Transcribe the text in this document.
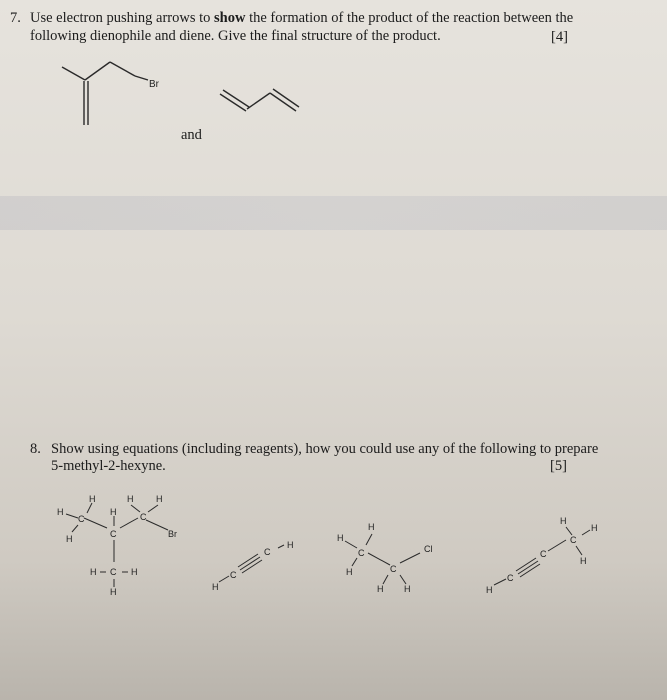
7. Use electron pushing arrows to show the formation of the product of the reaction between the
following dienophile and diene. Give the final structure of the product.	[4]
and
8. Show using equations (including reagents), how you could use any of the following to prepare
5-methyl-2-hexyne.	[5]
Br
H
C
H
H
H
C
H	H
C
Br
H C H
H	H
C
C
H
H
H
C
H	C
Cl
H H	H
C
C
H
C
H
H
